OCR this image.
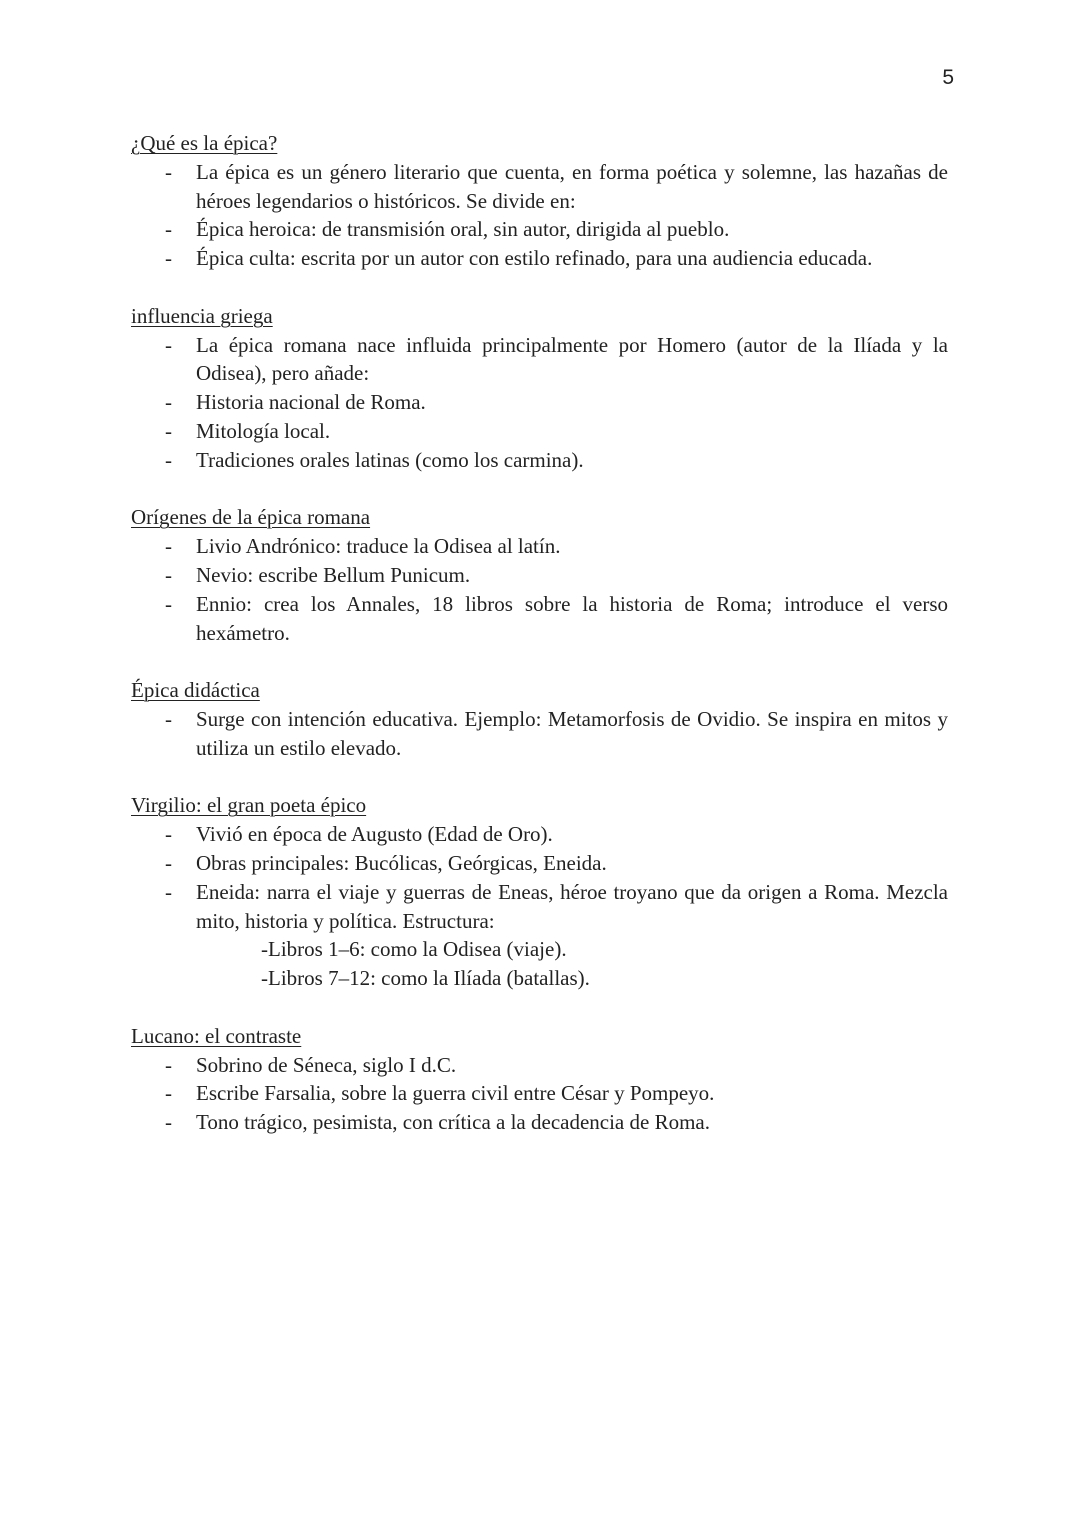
5
¿Qué es la épica?
- La épica es un género literario que cuenta, en forma poética y solemne, las hazañas de héroes legendarios o históricos. Se divide en:
- Épica heroica: de transmisión oral, sin autor, dirigida al pueblo.
- Épica culta: escrita por un autor con estilo refinado, para una audiencia educada.
influencia griega
- La épica romana nace influida principalmente por Homero (autor de la Ilíada y la Odisea), pero añade:
- Historia nacional de Roma.
- Mitología local.
- Tradiciones orales latinas (como los carmina).
Orígenes de la épica romana
- Livio Andrónico: traduce la Odisea al latín.
- Nevio: escribe Bellum Punicum.
- Ennio: crea los Annales, 18 libros sobre la historia de Roma; introduce el verso hexámetro.
Épica didáctica
- Surge con intención educativa. Ejemplo: Metamorfosis de Ovidio. Se inspira en mitos y utiliza un estilo elevado.
Virgilio: el gran poeta épico
- Vivió en época de Augusto (Edad de Oro).
- Obras principales: Bucólicas, Geórgicas, Eneida.
- Eneida: narra el viaje y guerras de Eneas, héroe troyano que da origen a Roma. Mezcla mito, historia y política. Estructura:
-Libros 1–6: como la Odisea (viaje).
-Libros 7–12: como la Ilíada (batallas).
Lucano: el contraste
- Sobrino de Séneca, siglo I d.C.
- Escribe Farsalia, sobre la guerra civil entre César y Pompeyo.
- Tono trágico, pesimista, con crítica a la decadencia de Roma.
